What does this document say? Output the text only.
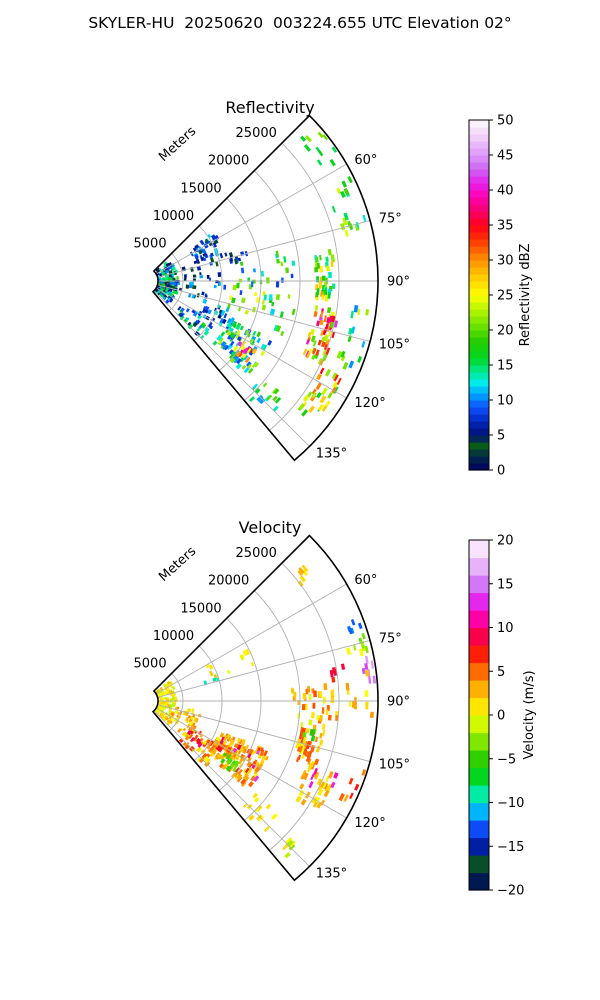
SKYLER-HU  20250620  003224.655 UTC Elevation 02°
Reflectivity
5000
10000
15000
20000
25000
60°
75°
90°
105°
120°
135°
Meters
0
5
10
15
20
25
30
35
40
45
50
Reflectivity dBZ
Velocity
5000
10000
15000
20000
25000
60°
75°
90°
105°
120°
135°
Meters
−20
−15
−10
−5
0
5
10
15
20
Velocity (m/s)
